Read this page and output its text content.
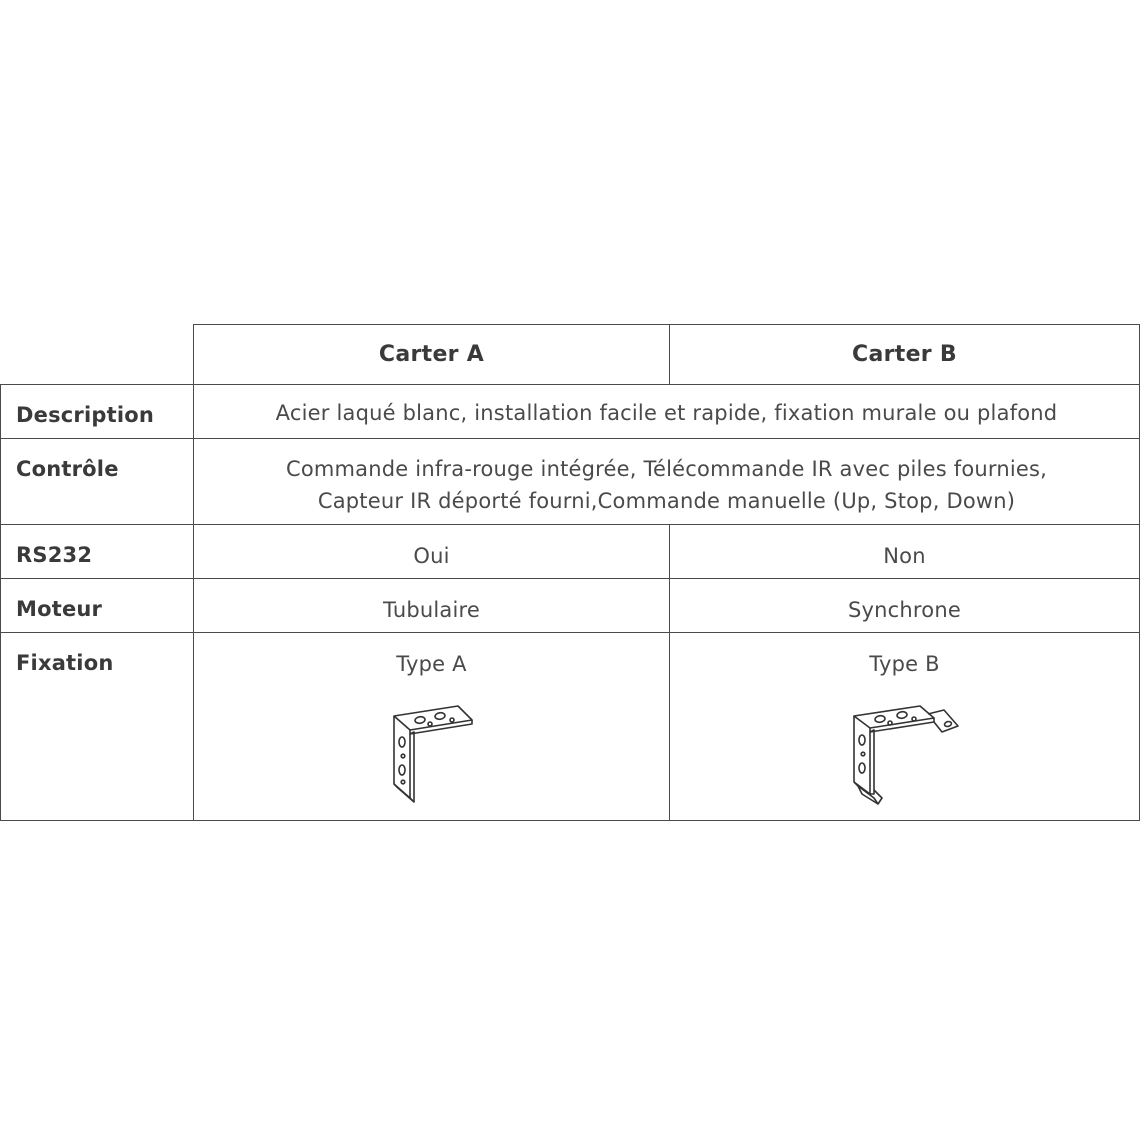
	Carter A	Carter B

Description	Acier laqué blanc, installation facile et rapide, fixation murale ou plafond	

Contrôle	Commande infra-rouge intégrée, Télécommande IR avec piles fournies,
Capteur IR déporté fourni,Commande manuelle (Up, Stop, Down)	

RS232	Oui	Non

Moteur	Tubulaire	Synchrone

Fixation	Type A	Type B
